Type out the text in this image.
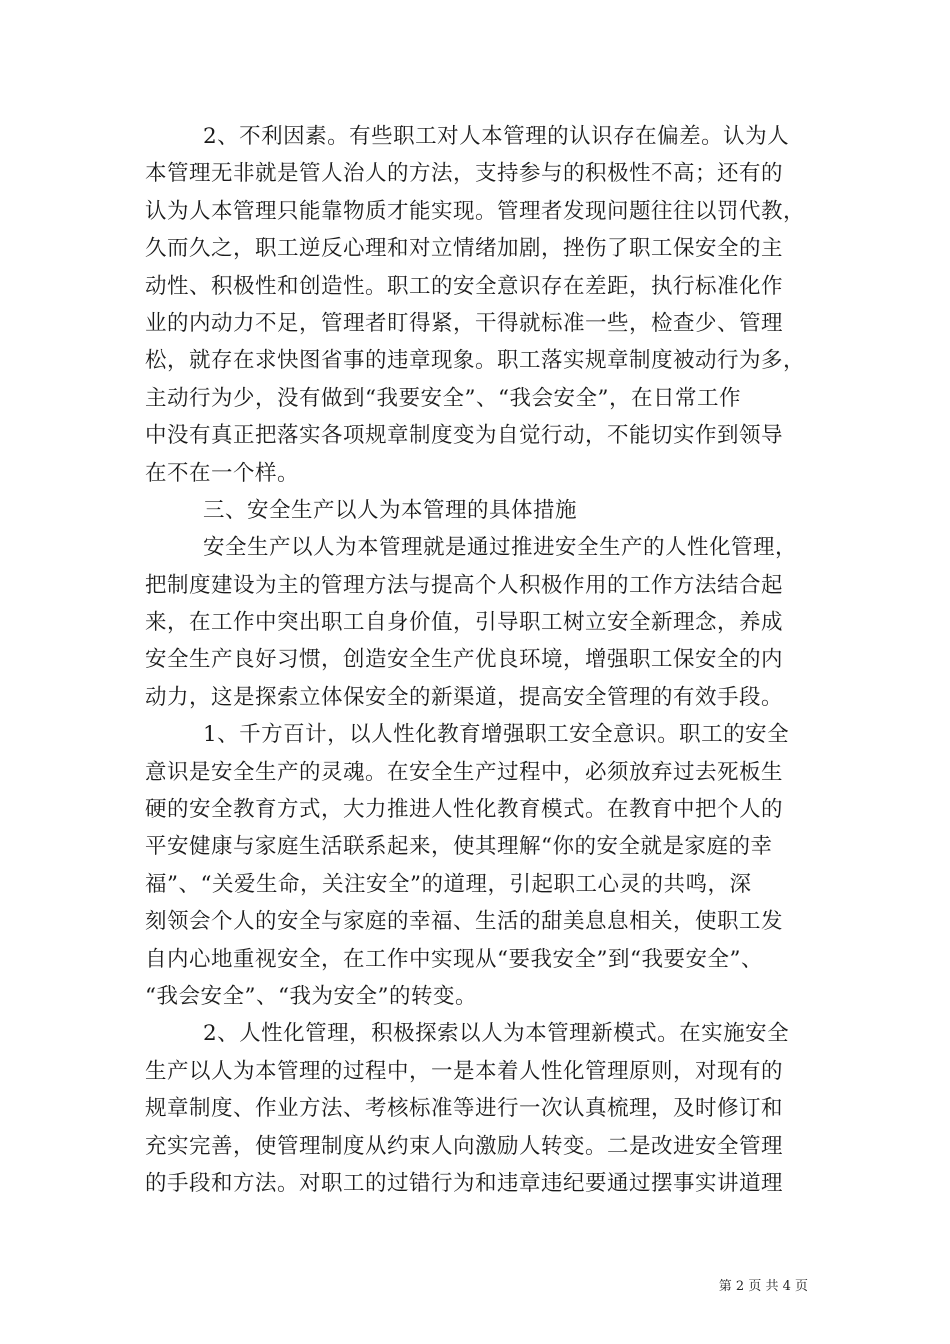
2、不利因素。有些职工对人本管理的认识存在偏差。认为人
本管理无非就是管人治人的方法，支持参与的积极性不高；还有的
认为人本管理只能靠物质才能实现。管理者发现问题往往以罚代教，
久而久之，职工逆反心理和对立情绪加剧，挫伤了职工保安全的主
动性、积极性和创造性。职工的安全意识存在差距，执行标准化作
业的内动力不足，管理者盯得紧，干得就标准一些，检查少、管理
松，就存在求快图省事的违章现象。职工落实规章制度被动行为多，
主动行为少，没有做到“我要安全”、“我会安全”，在日常工作
中没有真正把落实各项规章制度变为自觉行动，不能切实作到领导
在不在一个样。
三、安全生产以人为本管理的具体措施
安全生产以人为本管理就是通过推进安全生产的人性化管理，
把制度建设为主的管理方法与提高个人积极作用的工作方法结合起
来，在工作中突出职工自身价值，引导职工树立安全新理念，养成
安全生产良好习惯，创造安全生产优良环境，增强职工保安全的内
动力，这是探索立体保安全的新渠道，提高安全管理的有效手段。
1、千方百计，以人性化教育增强职工安全意识。职工的安全
意识是安全生产的灵魂。在安全生产过程中，必须放弃过去死板生
硬的安全教育方式，大力推进人性化教育模式。在教育中把个人的
平安健康与家庭生活联系起来，使其理解“你的安全就是家庭的幸
福”、“关爱生命，关注安全”的道理，引起职工心灵的共鸣，深
刻领会个人的安全与家庭的幸福、生活的甜美息息相关，使职工发
自内心地重视安全，在工作中实现从“要我安全”到“我要安全”、
“我会安全”、“我为安全”的转变。
2、人性化管理，积极探索以人为本管理新模式。在实施安全
生产以人为本管理的过程中，一是本着人性化管理原则，对现有的
规章制度、作业方法、考核标准等进行一次认真梳理，及时修订和
充实完善，使管理制度从约束人向激励人转变。二是改进安全管理
的手段和方法。对职工的过错行为和违章违纪要通过摆事实讲道理
第 2 页 共 4 页
